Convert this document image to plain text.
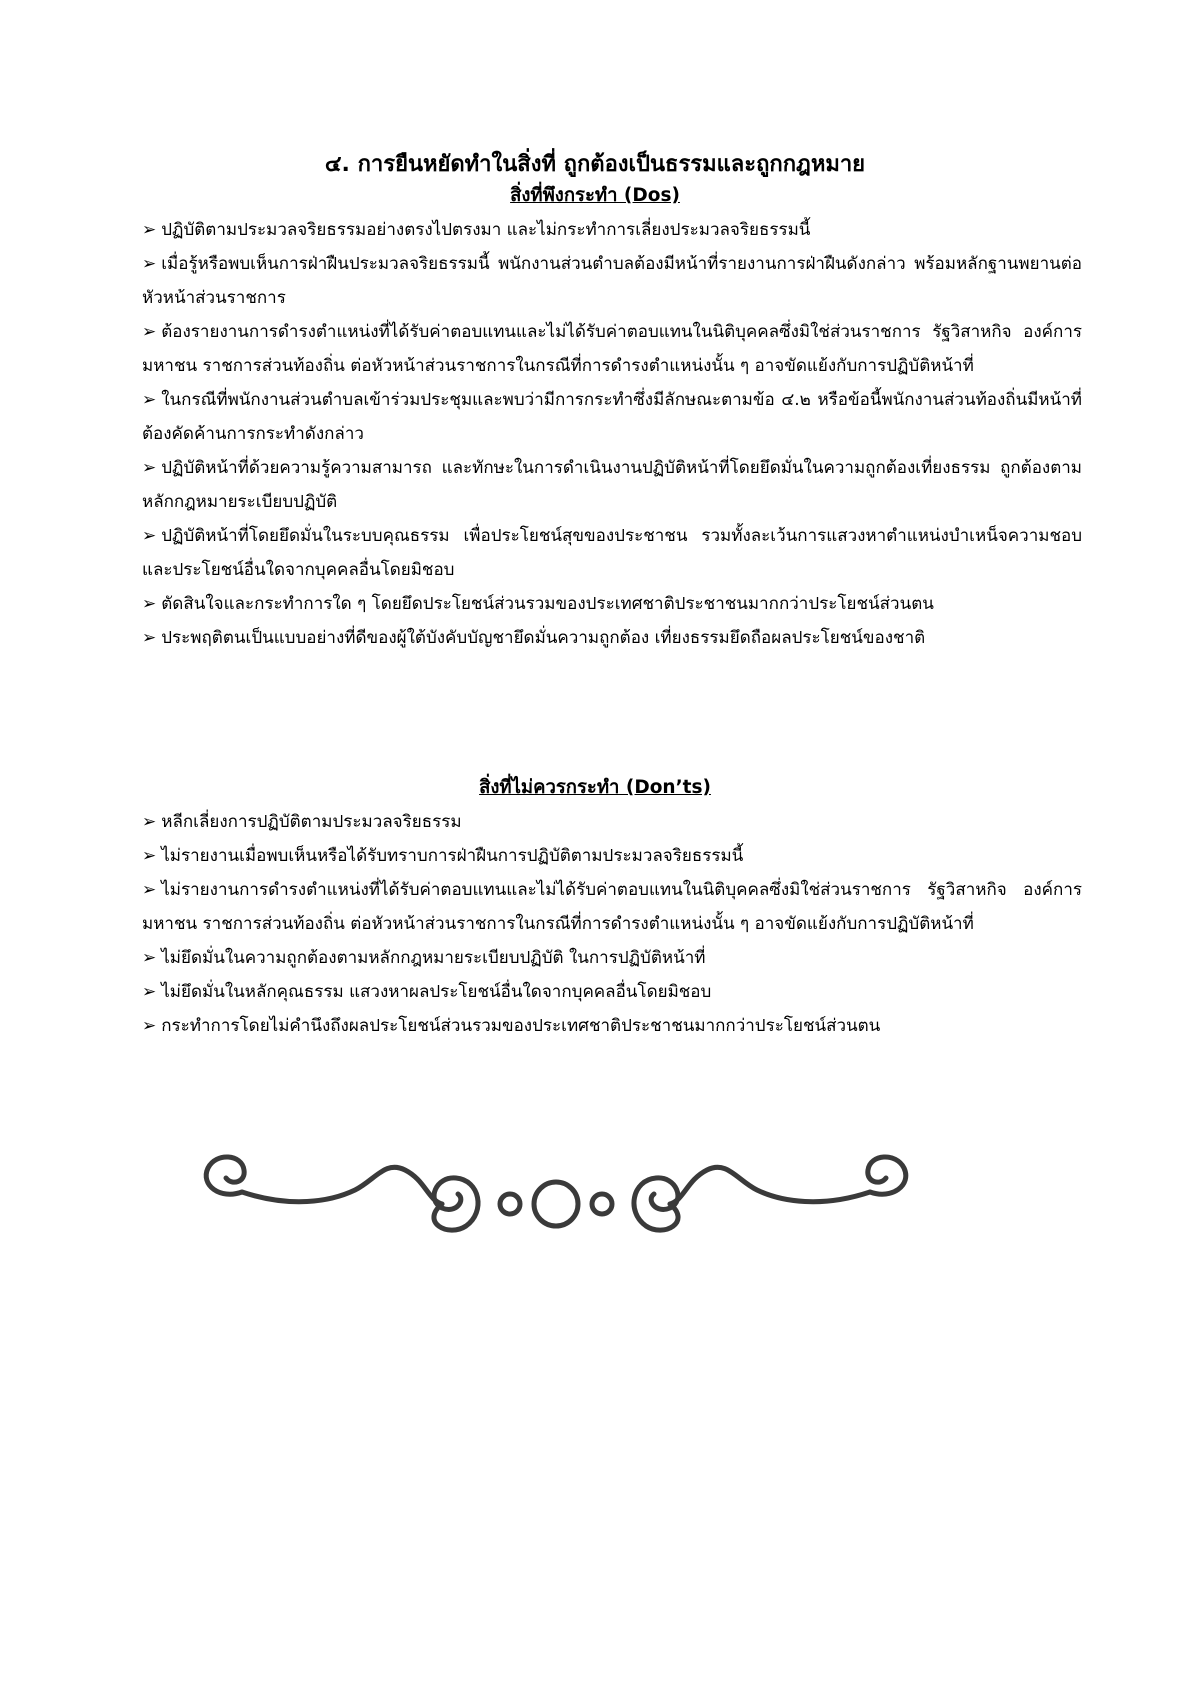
๔. การยืนหยัดทำในสิ่งที่ ถูกต้องเป็นธรรมและถูกกฎหมาย
สิ่งที่พึงกระทำ (Dos)
➢ ปฏิบัติตามประมวลจริยธรรมอย่างตรงไปตรงมา และไม่กระทำการเลี่ยงประมวลจริยธรรมนี้
➢ เมื่อรู้หรือพบเห็นการฝ่าฝืนประมวลจริยธรรมนี้ พนักงานส่วนตำบลต้องมีหน้าที่รายงานการฝ่าฝืนดังกล่าว พร้อมหลักฐานพยานต่อหัวหน้าส่วนราชการ
➢ ต้องรายงานการดำรงตำแหน่งที่ได้รับค่าตอบแทนและไม่ได้รับค่าตอบแทนในนิติบุคคลซึ่งมิใช่ส่วนราชการ รัฐวิสาหกิจ องค์การมหาชน ราชการส่วนท้องถิ่น ต่อหัวหน้าส่วนราชการในกรณีที่การดำรงตำแหน่งนั้น ๆ อาจขัดแย้งกับการปฏิบัติหน้าที่
➢ ในกรณีที่พนักงานส่วนตำบลเข้าร่วมประชุมและพบว่ามีการกระทำซึ่งมีลักษณะตามข้อ ๔.๒ หรือข้อนี้พนักงานส่วนท้องถิ่นมีหน้าที่ต้องคัดค้านการกระทำดังกล่าว
➢ ปฏิบัติหน้าที่ด้วยความรู้ความสามารถ และทักษะในการดำเนินงานปฏิบัติหน้าที่โดยยึดมั่นในความถูกต้องเที่ยงธรรม ถูกต้องตามหลักกฎหมายระเบียบปฏิบัติ
➢ ปฏิบัติหน้าที่โดยยึดมั่นในระบบคุณธรรม เพื่อประโยชน์สุขของประชาชน รวมทั้งละเว้นการแสวงหาตำแหน่งบำเหน็จความชอบและประโยชน์อื่นใดจากบุคคลอื่นโดยมิชอบ
➢ ตัดสินใจและกระทำการใด ๆ โดยยึดประโยชน์ส่วนรวมของประเทศชาติประชาชนมากกว่าประโยชน์ส่วนตน
➢ ประพฤติตนเป็นแบบอย่างที่ดีของผู้ใต้บังคับบัญชายึดมั่นความถูกต้อง เที่ยงธรรมยึดถือผลประโยชน์ของชาติ
สิ่งที่ไม่ควรกระทำ (Don’ts)
➢ หลีกเลี่ยงการปฏิบัติตามประมวลจริยธรรม
➢ ไม่รายงานเมื่อพบเห็นหรือได้รับทราบการฝ่าฝืนการปฏิบัติตามประมวลจริยธรรมนี้
➢ ไม่รายงานการดำรงตำแหน่งที่ได้รับค่าตอบแทนและไม่ได้รับค่าตอบแทนในนิติบุคคลซึ่งมิใช่ส่วนราชการ รัฐวิสาหกิจ องค์การมหาชน ราชการส่วนท้องถิ่น ต่อหัวหน้าส่วนราชการในกรณีที่การดำรงตำแหน่งนั้น ๆ อาจขัดแย้งกับการปฏิบัติหน้าที่
➢ ไม่ยึดมั่นในความถูกต้องตามหลักกฎหมายระเบียบปฏิบัติ ในการปฏิบัติหน้าที่
➢ ไม่ยึดมั่นในหลักคุณธรรม แสวงหาผลประโยชน์อื่นใดจากบุคคลอื่นโดยมิชอบ
➢ กระทำการโดยไม่คำนึงถึงผลประโยชน์ส่วนรวมของประเทศชาติประชาชนมากกว่าประโยชน์ส่วนตน
